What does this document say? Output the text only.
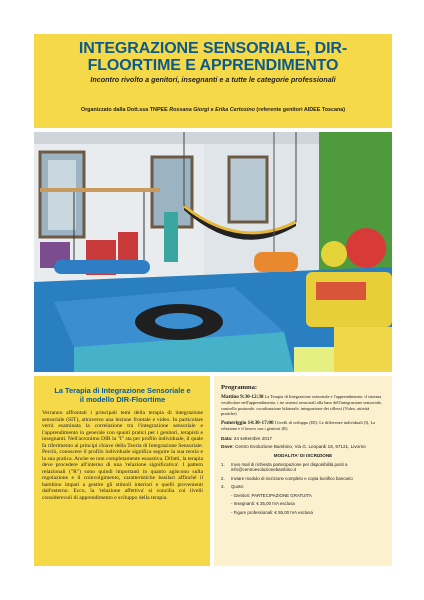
INTEGRAZIONE SENSORIALE, DIR-
FLOORTIME E APPRENDIMENTO

Incontro rivolto a genitori, insegnanti e a tutte le categorie professionali

Organizzato dalla Dott.ssa TNPEE Rossana Giorgi e Erika Certosino (referente genitori AIDEE Toscana)
La Terapia di Integrazione Sensoriale e
il modello DIR-Floortime

Verranno affrontati i principali temi della terapia di integrazione sensoriale (SIT), attraverso una lezione frontale e video. In particolare verrà esaminata la correlazione tra l'integrazione sensoriale e l'apprendimento in generale con spunti pratici per i genitori, terapisti e insegnanti. Nell'acronimo DIR la "I" sta per profilo individuale, il quale fa riferimento ai principi chiave della Teoria di Integrazione Sensoriale. Perciò, conoscere il profilo individuale significa seguire la sua teoria e la sua pratica. Anche se non completamente esaustiva. Difatti, la terapia deve procedere all'interno di una 'relazione significativa'. I pattern relazionali ("R") sono quindi importanti in quanto agiscono sulla regolazione e il coinvolgimento, caratteristiche basilari affinché il bambino impari a gestire gli stimoli interiori e quelli provenienti dall'esterno. Ecco, la 'relazione affettiva' si concilia coi livelli considerevoli di apprendimento e sviluppo della terapia.

Programma:

Mattino 9:30-12:30 La Terapia di Integrazione sensoriale e l'apprendimento: il sistema vestibolare nell'apprendimento, i tre sistemi sensoriali alla base dell'integrazione sensoriale, controllo posturale, coordinazione bilaterale, integrazione dei riflessi (Video, attività pratiche)

Pomeriggio 14:30-17:00 I livelli di sviluppo (ID): Le differenze individuali (I), La relazione e il lavoro con i genitori (R)

Data: 24 settembre 2017

Dove: Centro Evoluzione Bambino, Via G. Leopardi 18, 57121, Livorno

MODALITA' DI ISCRIZIONE

1.	Invio mail di richiesta partecipazione per disponibilità posti a info@centroevoluzionebambino.it
2.	Inviare modulo di iscrizione completo e copia bonifico bancario
3.	Quote:
- Genitori: PARTECIPAZIONE GRATUITA
- Insegnanti: € 35,00 IVA esclusa
- Figure professionali: € 55,00 IVA esclusa
